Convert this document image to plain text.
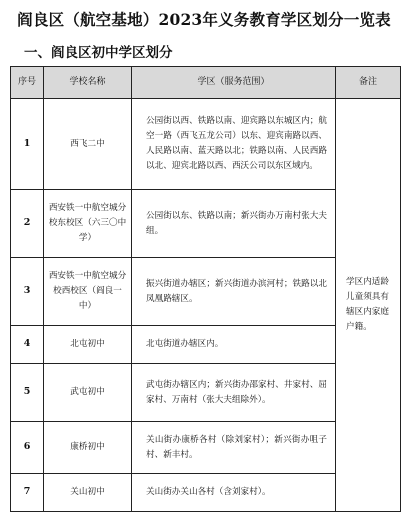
阎良区（航空基地）2023年义务教育学区划分一览表
一、阎良区初中学区划分
序号	学校名称	学区（服务范围）	备注
1	西飞二中	公园街以西、铁路以南、迎宾路以东城区内；航空一路（西飞五龙公司）以东、迎宾南路以西、人民路以南、蓝天路以北；铁路以南、人民西路以北、迎宾北路以西、西沃公司以东区域内。	学区内适龄儿童须具有辖区内家庭户籍。
2	西安铁一中航空城分校东校区（六三〇中学）	公园街以东、铁路以南；新兴街办万南村张大夫组。	
3	西安铁一中航空城分校西校区（阎良一中）	振兴街道办辖区；新兴街道办滨河村；铁路以北凤凰路辖区。	
4	北屯初中	北屯街道办辖区内。	
5	武屯初中	武屯街办辖区内；新兴街办邵家村、井家村、屈家村、万南村（张大夫组除外）。	
6	康桥初中	关山街办康桥各村（除刘家村）；新兴街办咀子村、新丰村。	
7	关山初中	关山街办关山各村（含刘家村）。	
